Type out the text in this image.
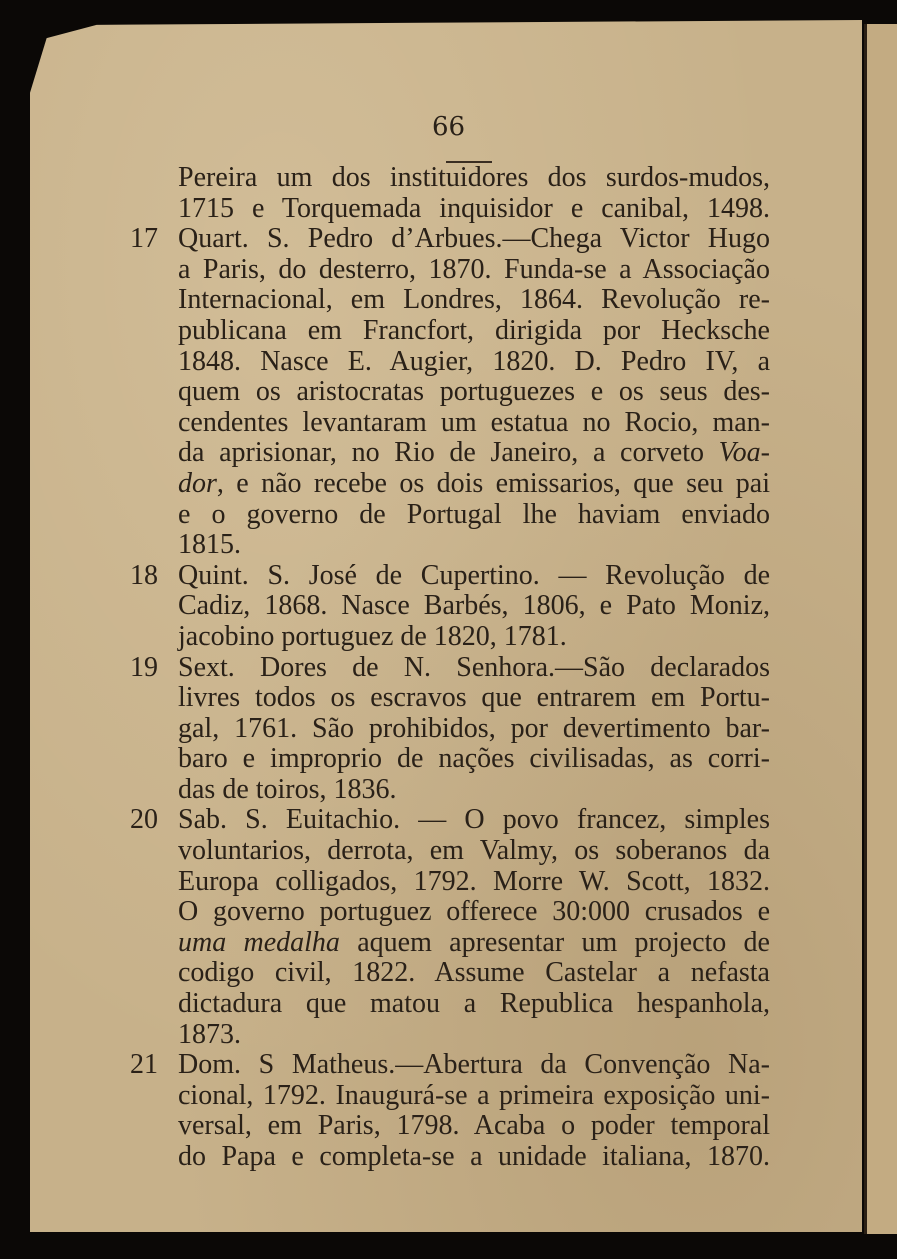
66
Pereira um dos instituidores dos surdos-mudos,
1715 e Torquemada inquisidor e canibal, 1498.
17 Quart. S. Pedro d’Arbues.—Chega Victor Hugo
a Paris, do desterro, 1870. Funda-se a Associação
Internacional, em Londres, 1864. Revolução re-
publicana em Francfort, dirigida por Hecksche
1848. Nasce E. Augier, 1820. D. Pedro IV, a
quem os aristocratas portuguezes e os seus des-
cendentes levantaram um estatua no Rocio, man-
da aprisionar, no Rio de Janeiro, a corveto Voa-
dor, e não recebe os dois emissarios, que seu pai
e o governo de Portugal lhe haviam enviado
1815.
18 Quint. S. José de Cupertino. — Revolução de
Cadiz, 1868. Nasce Barbés, 1806, e Pato Moniz,
jacobino portuguez de 1820, 1781.
19 Sext. Dores de N. Senhora.—São declarados
livres todos os escravos que entrarem em Portu-
gal, 1761. São prohibidos, por devertimento bar-
baro e improprio de nações civilisadas, as corri-
das de toiros, 1836.
20 Sab. S. Euitachio. — O povo francez, simples
voluntarios, derrota, em Valmy, os soberanos da
Europa colligados, 1792. Morre W. Scott, 1832.
O governo portuguez offerece 30:000 crusados e
uma medalha aquem apresentar um projecto de
codigo civil, 1822. Assume Castelar a nefasta
dictadura que matou a Republica hespanhola,
1873.
21 Dom. S Matheus.—Abertura da Convenção Na-
cional, 1792. Inaugurá-se a primeira exposição uni-
versal, em Paris, 1798. Acaba o poder temporal
do Papa e completa-se a unidade italiana, 1870.
